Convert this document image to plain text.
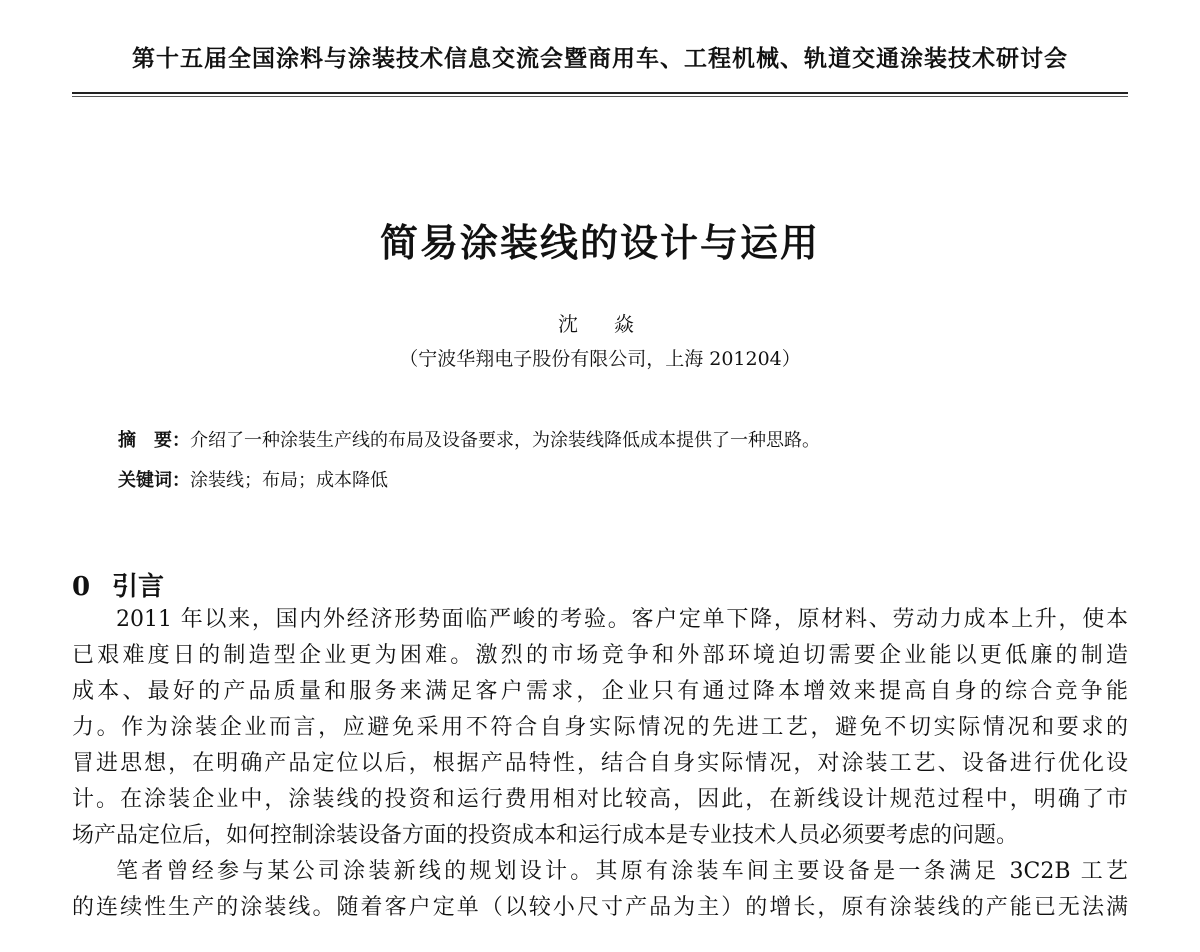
第十五届全国涂料与涂装技术信息交流会暨商用车、工程机械、轨道交通涂装技术研讨会
简易涂装线的设计与运用
沈　焱
（宁波华翔电子股份有限公司，上海 201204）
摘　要：介绍了一种涂装生产线的布局及设备要求，为涂装线降低成本提供了一种思路。
关键词：涂装线；布局；成本降低
0 引言
2011 年以来，国内外经济形势面临严峻的考验。客户定单下降，原材料、劳动力成本上升，使本
已艰难度日的制造型企业更为困难。激烈的市场竞争和外部环境迫切需要企业能以更低廉的制造
成本、最好的产品质量和服务来满足客户需求，企业只有通过降本增效来提高自身的综合竞争能
力。作为涂装企业而言，应避免采用不符合自身实际情况的先进工艺，避免不切实际情况和要求的
冒进思想，在明确产品定位以后，根据产品特性，结合自身实际情况，对涂装工艺、设备进行优化设
计。在涂装企业中，涂装线的投资和运行费用相对比较高，因此，在新线设计规范过程中，明确了市
场产品定位后，如何控制涂装设备方面的投资成本和运行成本是专业技术人员必须要考虑的问题。
笔者曾经参与某公司涂装新线的规划设计。其原有涂装车间主要设备是一条满足 3C2B 工艺
的连续性生产的涂装线。随着客户定单（以较小尺寸产品为主）的增长，原有涂装线的产能已无法满
